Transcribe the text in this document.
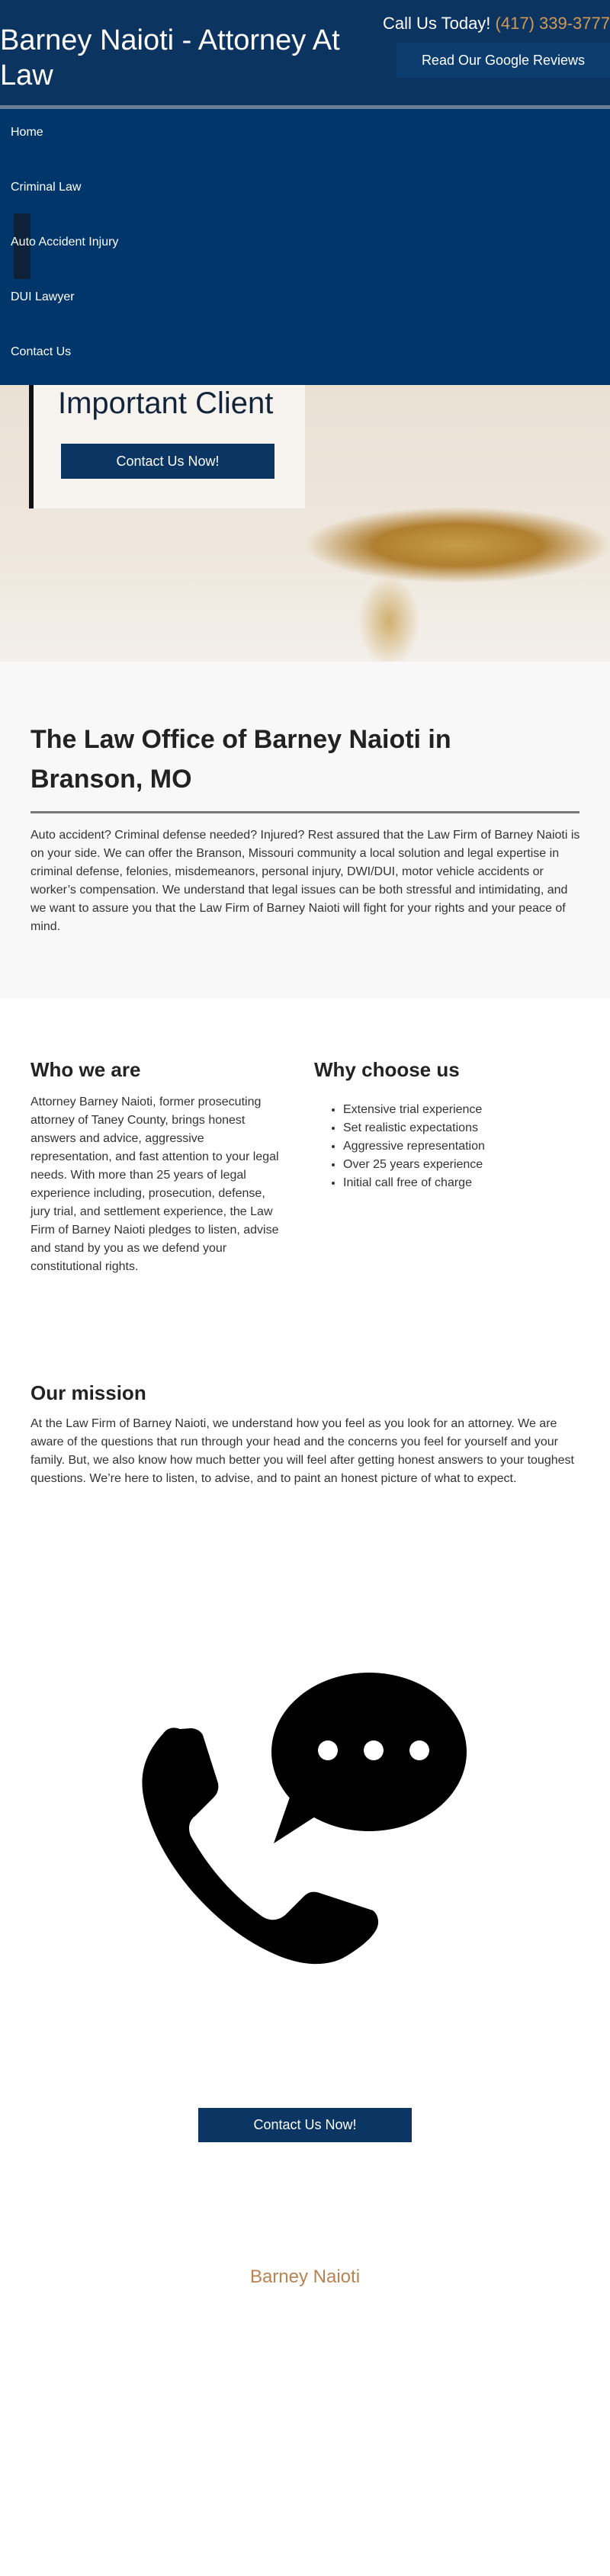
Barney Naioti - Attorney At Law
Call Us Today! (417) 339-3777
Read Our Google Reviews
Home
Criminal Law
Auto Accident Injury
DUI Lawyer
Contact Us
Important Client
Contact Us Now!
The Law Office of Barney Naioti in Branson, MO

Auto accident? Criminal defense needed? Injured? Rest assured that the Law Firm of Barney Naioti is on your side. We can offer the Branson, Missouri community a local solution and legal expertise in criminal defense, felonies, misdemeanors, personal injury, DWI/DUI, motor vehicle accidents or worker’s compensation. We understand that legal issues can be both stressful and intimidating, and we want to assure you that the Law Firm of Barney Naioti will fight for your rights and your peace of mind.

Who we are

Attorney Barney Naioti, former prosecuting attorney of Taney County, brings honest answers and advice, aggressive representation, and fast attention to your legal needs. With more than 25 years of legal experience including, prosecution, defense, jury trial, and settlement experience, the Law Firm of Barney Naioti pledges to listen, advise and stand by you as we defend your constitutional rights.

Why choose us
• Extensive trial experience
• Set realistic expectations
• Aggressive representation
• Over 25 years experience
• Initial call free of charge
Our mission

At the Law Firm of Barney Naioti, we understand how you feel as you look for an attorney. We are aware of the questions that run through your head and the concerns you feel for yourself and your family. But, we also know how much better you will feel after getting honest answers to your toughest questions. We’re here to listen, to advise, and to paint an honest picture of what to expect.

Contact Us Now!
Barney Naioti
